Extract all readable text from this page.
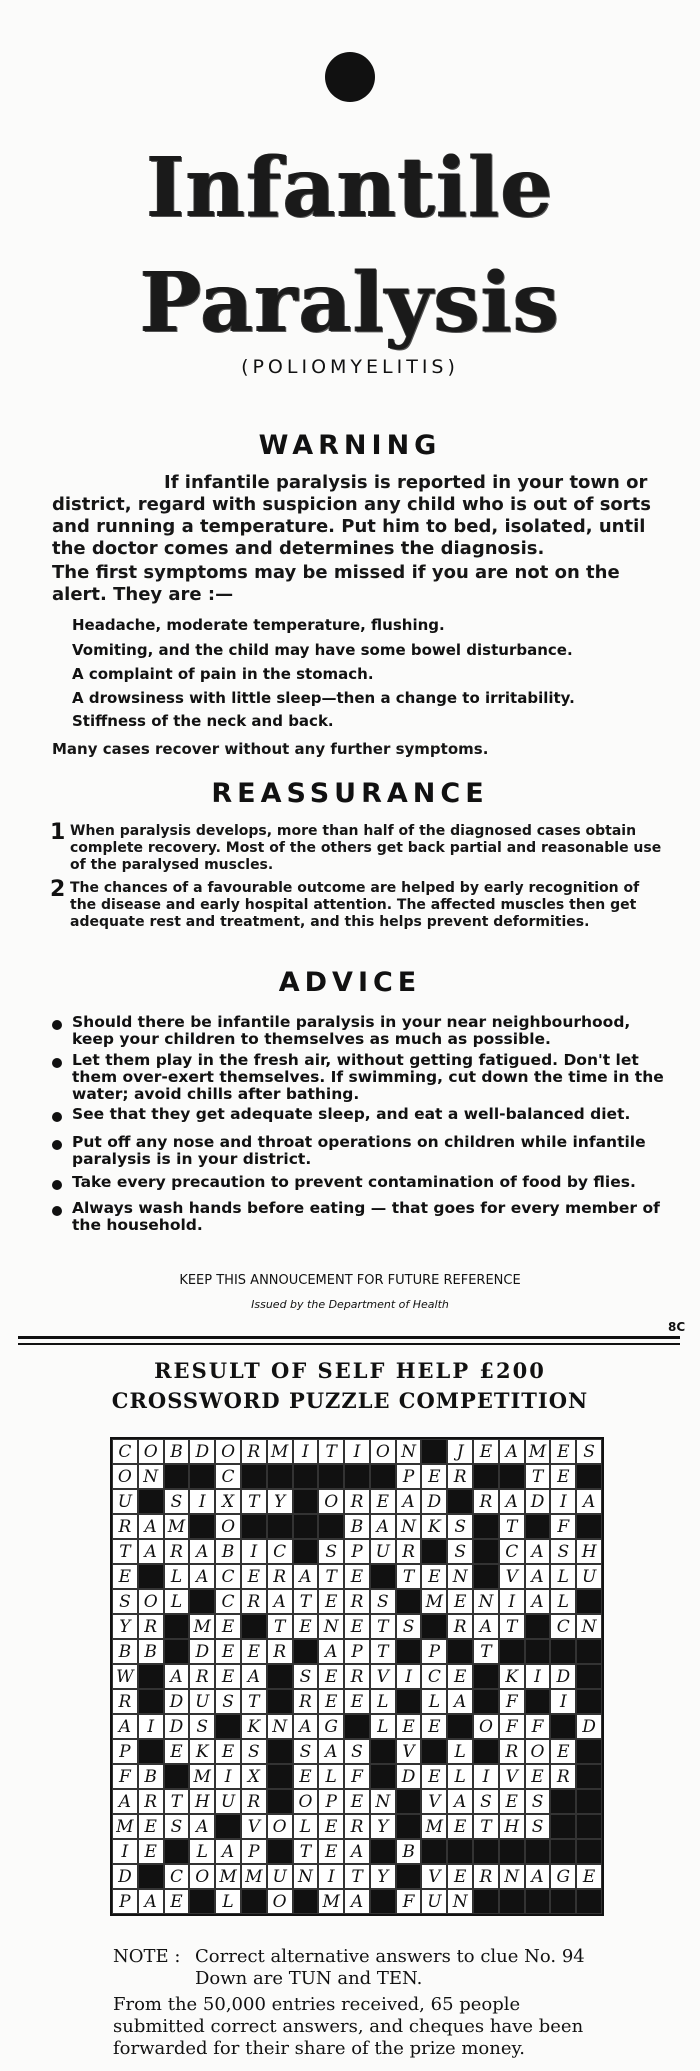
Infantile
Paralysis
(POLIOMYELITIS)
WARNING
If infantile paralysis is reported in your town or district, regard with suspicion any child who is out of sorts and running a temperature. Put him to bed, isolated, until the doctor comes and determines the diagnosis.
The first symptoms may be missed if you are not on the alert. They are :—
Headache, moderate temperature, flushing.
Vomiting, and the child may have some bowel disturbance.
A complaint of pain in the stomach.
A drowsiness with little sleep—then a change to irritability.
Stiffness of the neck and back.
Many cases recover without any further symptoms.
REASSURANCE
1 When paralysis develops, more than half of the diagnosed cases obtain complete recovery. Most of the others get back partial and reasonable use of the paralysed muscles.
2 The chances of a favourable outcome are helped by early recognition of the disease and early hospital attention. The affected muscles then get adequate rest and treatment, and this helps prevent deformities.
ADVICE
Should there be infantile paralysis in your near neighbourhood, keep your children to themselves as much as possible.
Let them play in the fresh air, without getting fatigued. Don't let them over-exert themselves. If swimming, cut down the time in the water; avoid chills after bathing.
See that they get adequate sleep, and eat a well-balanced diet.
Put off any nose and throat operations on children while infantile paralysis is in your district.
Take every precaution to prevent contamination of food by flies.
Always wash hands before eating — that goes for every member of the household.
KEEP THIS ANNOUCEMENT FOR FUTURE REFERENCE
Issued by the Department of Health
8C
RESULT OF SELF HELP £200
CROSSWORD PUZZLE COMPETITION
C O B D O R M I T I O N	J E A M E S
O N	C	P E R	T E
U	S I X T Y	O R E A D	R A D I A
R A M	O	B A N K S	T	F
T A R A B I C	S P U R	S	C A S H
E	L A C E R A T E	T E N	V A L U
S O L	C R A T E R S	M E N I A L
Y R	M E	T E N E T S	R A T	C N
B B	D E E R	A P T	P	T
W	A R E A	S E R V I C E	K I D
R	D U S T	R E E L	L A	F	I
A I D S	K N A G	L E E	O F F	D
P	E K E S	S A S	V	L	R O E
F B	M I X	E L F	D E L I V E R
A R T H U R	O P E N	V A S E S
M E S A	V O L E R Y	M E T H S
I E	L A P	T E A	B
D	C O M M U N I T Y	V E R N A G E
P A E	L	O	M A	F U N
NOTE : Correct alternative answers to clue No. 94 Down are TUN and TEN.
From the 50,000 entries received, 65 people submitted correct answers, and cheques have been forwarded for their share of the prize money.
